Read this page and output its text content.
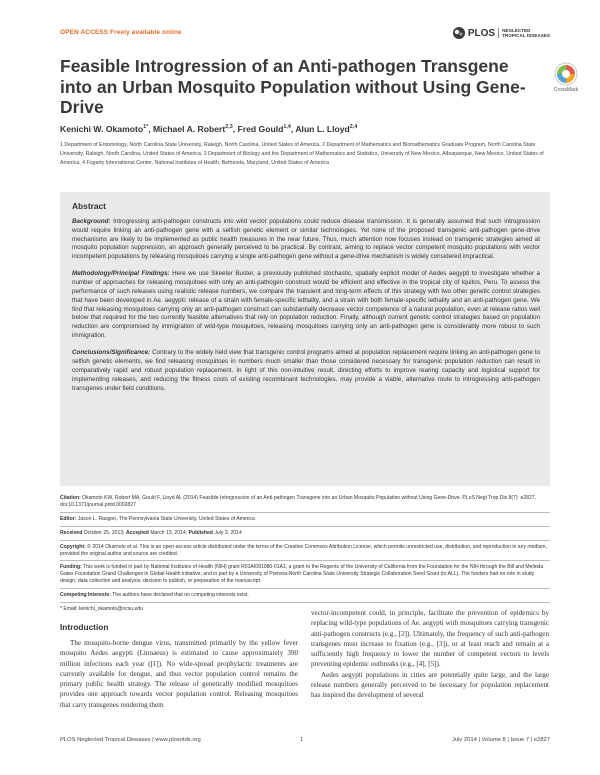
OPEN ACCESS Freely available online	PLOS	NEGLECTED
TROPICAL DISEASES
Feasible Introgression of an Anti-pathogen Transgene into an Urban Mosquito Population without Using Gene-Drive
CrossMark
Kenichi W. Okamoto$^{1*}$, Michael A. Robert$^{2,3}$, Fred Gould$^{1,4}$, Alun L. Lloyd$^{2,4}$
1 Department of Entomology, North Carolina State University, Raleigh, North Carolina, United States of America, 2 Department of Mathematics and Biomathematics Graduate Program, North Carolina State University, Raleigh, North Carolina, United States of America, 3 Department of Biology and the Department of Mathematics and Statistics, University of New Mexico, Albuquerque, New Mexico, United States of America, 4 Fogarty International Center, National Institutes of Health, Bethesda, Maryland, United States of America
Abstract

Background: Introgressing anti-pathogen constructs into wild vector populations could reduce disease transmission. It is generally assumed that such introgression would require linking an anti-pathogen gene with a selfish genetic element or similar technologies. Yet none of the proposed transgenic anti-pathogen gene-drive mechanisms are likely to be implemented as public health measures in the near future. Thus, much attention now focuses instead on transgenic strategies aimed at mosquito population suppression, an approach generally perceived to be practical. By contrast, aiming to replace vector competent mosquito populations with vector incompetent populations by releasing mosquitoes carrying a single anti-pathogen gene without a gene-drive mechanism is widely considered impractical.

Methodology/Principal Findings: Here we use Skeeter Buster, a previously published stochastic, spatially explicit model of Aedes aegypti to investigate whether a number of approaches for releasing mosquitoes with only an anti-pathogen construct would be efficient and effective in the tropical city of Iquitos, Peru. To assess the performance of such releases using realistic release numbers, we compare the transient and long-term effects of this strategy with two other genetic control strategies that have been developed in Ae. aegypti: release of a strain with female-specific lethality, and a strain with both female-specific lethality and an anti-pathogen gene. We find that releasing mosquitoes carrying only an anti-pathogen construct can substantially decrease vector competence of a natural population, even at release ratios well below that required for the two currently feasible alternatives that rely on population reduction. Finally, although current genetic control strategies based on population reduction are compromised by immigration of wild-type mosquitoes, releasing mosquitoes carrying only an anti-pathogen gene is considerably more robust to such immigration.

Conclusions/Significance: Contrary to the widely held view that transgenic control programs aimed at population replacement require linking an anti-pathogen gene to selfish genetic elements, we find releasing mosquitoes in numbers much smaller than those considered necessary for transgenic population reduction can result in comparatively rapid and robust population replacement. In light of this non-intuitive result, directing efforts to improve rearing capacity and logistical support for implementing releases, and reducing the fitness costs of existing recombinant technologies, may provide a viable, alternative route to introgressing anti-pathogen transgenes under field conditions.

Citation: Okamoto KW, Robert MA, Gould F, Lloyd AL (2014) Feasible Introgression of an Anti-pathogen Transgene into an Urban Mosquito Population without Using Gene-Drive. PLoS Negl Trop Dis 8(7): e2827. doi:10.1371/journal.pntd.0002827
Editor: Jason L. Rasgon, The Pennsylvania State University, United States of America
Received October 25, 2013; Accepted March 13, 2014; Published July 3, 2014
Copyright: © 2014 Okamoto et al. This is an open-access article distributed under the terms of the Creative Commons Attribution License, which permits unrestricted use, distribution, and reproduction in any medium, provided the original author and source are credited.
Funding: This work is funded in part by National Institutes of Health (NIH) grant R01AI091980-01A1, a grant to the Regents of the University of California from the Foundation for the NIH through the Bill and Melinda Gates Foundation Grand Challenges in Global Health initiative, and in part by a University of Pretoria-North Carolina State University Strategic Collaboration Seed Grant (to ALL). The funders had no role in study design, data collection and analysis, decision to publish, or preparation of the manuscript.
Competing Interests: The authors have declared that no competing interests exist.
* Email: kenichi_okamoto@ncsu.edu
Introduction

The mosquito-borne dengue virus, transmitted primarily by the yellow fever mosquito Aedes aegypti (Linnaeus) is estimated to cause approximately 390 million infections each year ([1]). No wide-spread prophylactic treatments are currently available for dengue, and thus vector population control remains the primary public health strategy. The release of genetically modified mosquitoes provides one approach towards vector population control. Releasing mosquitoes that carry transgenes rendering them

vector-incompetent could, in principle, facilitate the prevention of epidemics by replacing wild-type populations of Ae. aegypti with mosquitoes carrying transgenic anti-pathogen constructs (e.g., [2]). Ultimately, the frequency of such anti-pathogen transgenes must increase to fixation (e.g., [3]), or at least reach and remain at a sufficiently high frequency to lower the number of competent vectors to levels preventing epidemic outbreaks (e.g., [4], [5]).

Aedes aegypti populations in cities are potentially quite large, and the large release numbers generally perceived to be necessary for population replacement has inspired the development of several

PLOS Neglected Tropical Diseases | www.plosntds.org	1	July 2014 | Volume 8 | Issue 7 | e2827
